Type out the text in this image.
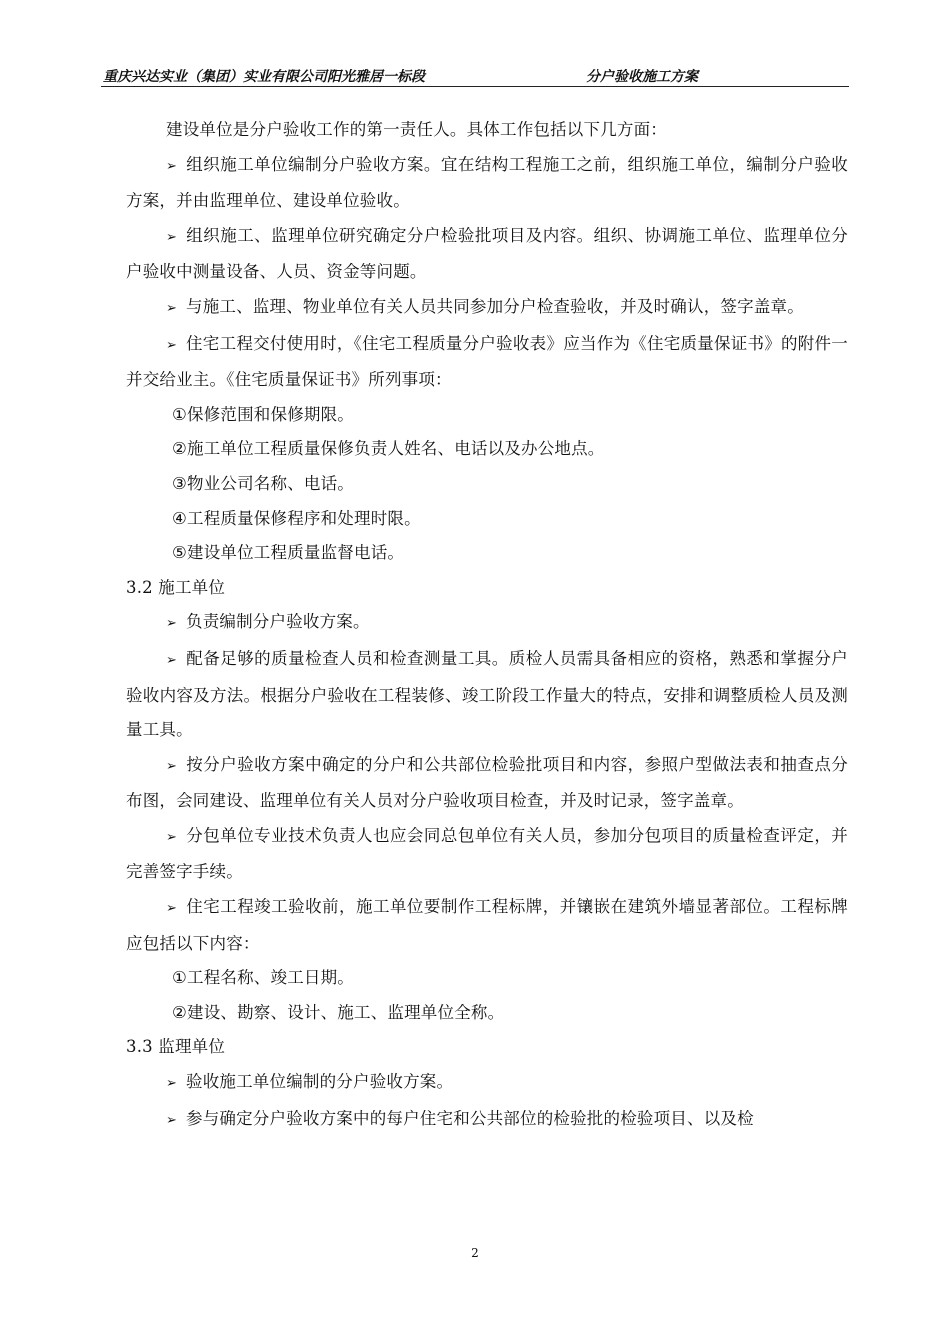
重庆兴达实业（集团）实业有限公司阳光雅居一标段	分户验收施工方案

建设单位是分户验收工作的第一责任人。具体工作包括以下几方面：

➢ 组织施工单位编制分户验收方案。宜在结构工程施工之前，组织施工单位，编制分户验收方案，并由监理单位、建设单位验收。

➢ 组织施工、监理单位研究确定分户检验批项目及内容。组织、协调施工单位、监理单位分户验收中测量设备、人员、资金等问题。

➢ 与施工、监理、物业单位有关人员共同参加分户检查验收，并及时确认，签字盖章。

➢ 住宅工程交付使用时，《住宅工程质量分户验收表》应当作为《住宅质量保证书》的附件一并交给业主。《住宅质量保证书》所列事项：

①保修范围和保修期限。

②施工单位工程质量保修负责人姓名、电话以及办公地点。

③物业公司名称、电话。

④工程质量保修程序和处理时限。

⑤建设单位工程质量监督电话。

3.2 施工单位

➢ 负责编制分户验收方案。

➢ 配备足够的质量检查人员和检查测量工具。质检人员需具备相应的资格，熟悉和掌握分户验收内容及方法。根据分户验收在工程装修、竣工阶段工作量大的特点，安排和调整质检人员及测量工具。

➢ 按分户验收方案中确定的分户和公共部位检验批项目和内容，参照户型做法表和抽查点分布图，会同建设、监理单位有关人员对分户验收项目检查，并及时记录，签字盖章。

➢ 分包单位专业技术负责人也应会同总包单位有关人员，参加分包项目的质量检查评定，并完善签字手续。

➢ 住宅工程竣工验收前，施工单位要制作工程标牌，并镶嵌在建筑外墙显著部位。工程标牌应包括以下内容：

①工程名称、竣工日期。

②建设、勘察、设计、施工、监理单位全称。

3.3 监理单位

➢ 验收施工单位编制的分户验收方案。

➢ 参与确定分户验收方案中的每户住宅和公共部位的检验批的检验项目、以及检

2
